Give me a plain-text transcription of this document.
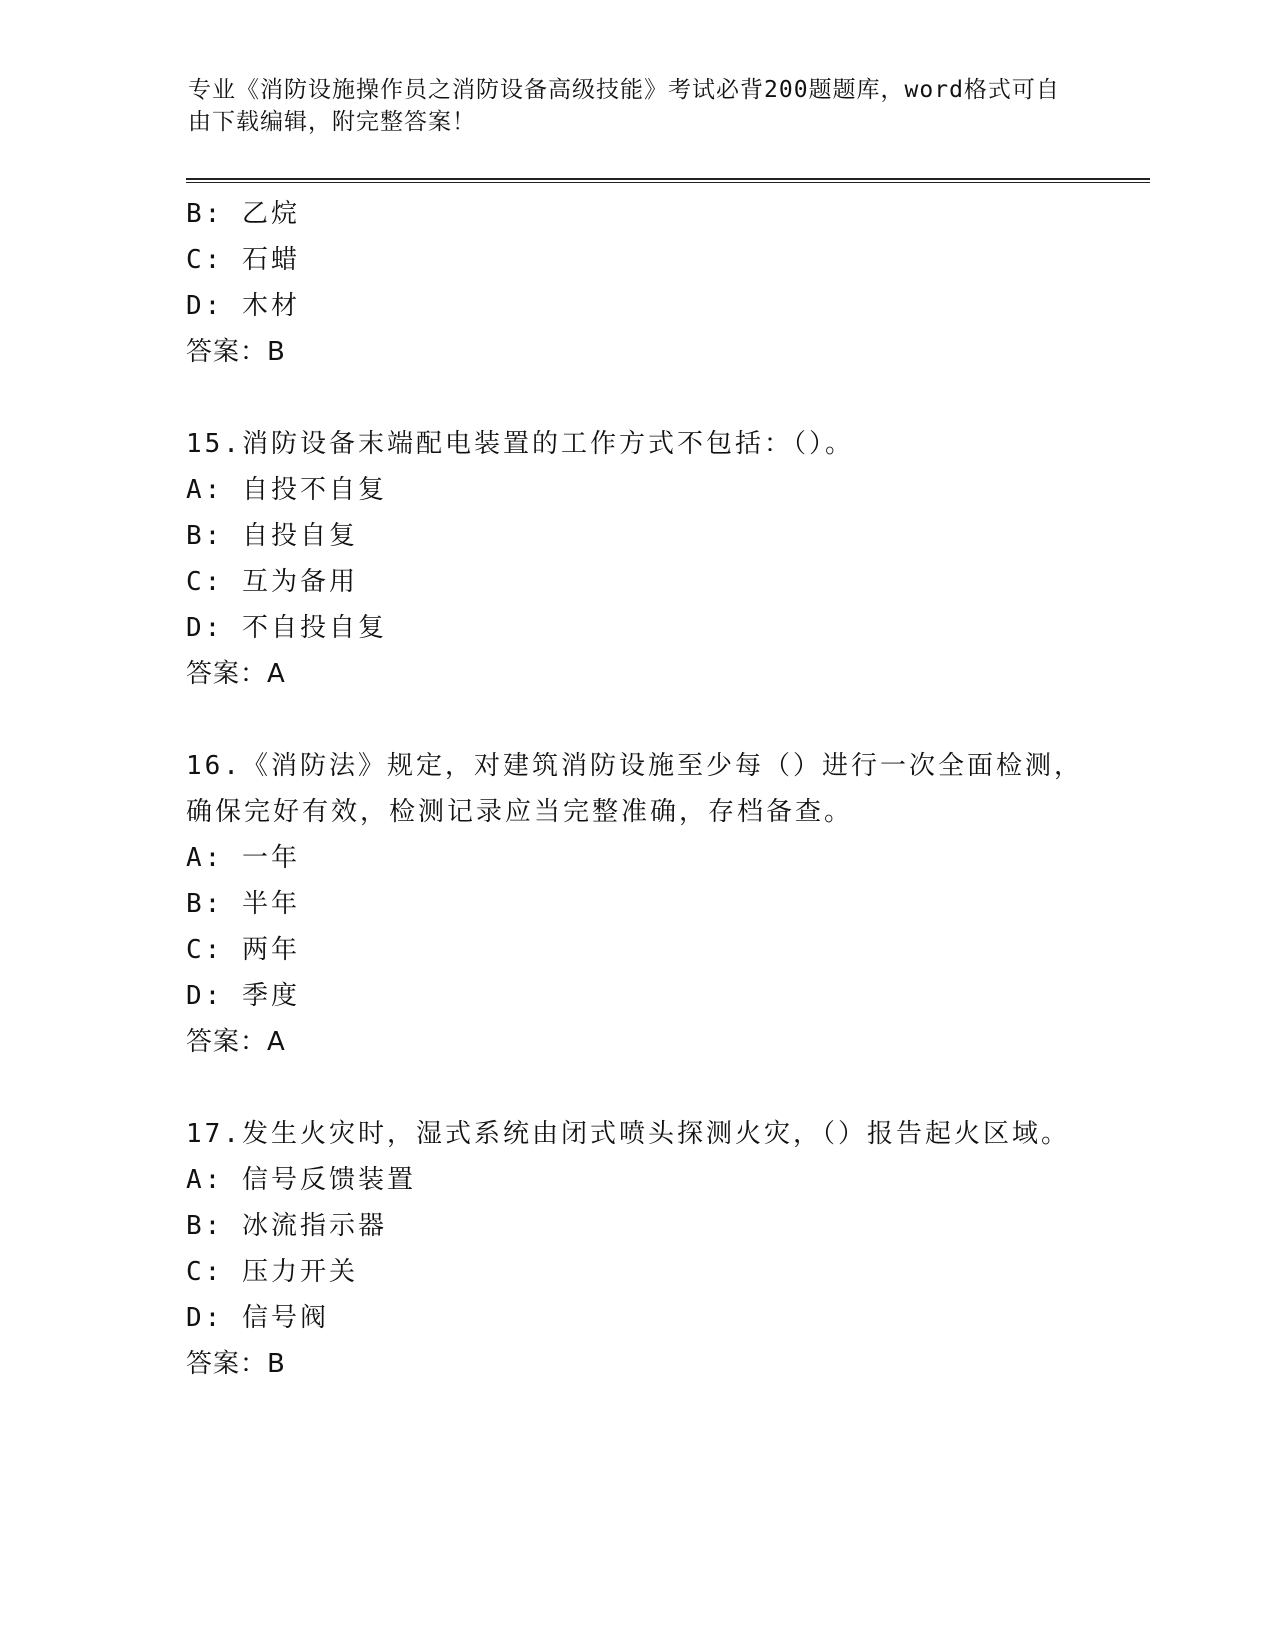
专业《消防设施操作员之消防设备高级技能》考试必背200题题库，word格式可自由下载编辑，附完整答案！
B: 乙烷
C: 石蜡
D: 木材
答案：B
15.消防设备末端配电装置的工作方式不包括：（）。
A: 自投不自复
B: 自投自复
C: 互为备用
D: 不自投自复
答案：A
16.《消防法》规定，对建筑消防设施至少每（）进行一次全面检测，确保完好有效，检测记录应当完整准确，存档备查。
A: 一年
B: 半年
C: 两年
D: 季度
答案：A
17.发生火灾时，湿式系统由闭式喷头探测火灾，（）报告起火区域。
A: 信号反馈装置
B: 冰流指示器
C: 压力开关
D: 信号阀
答案：B
